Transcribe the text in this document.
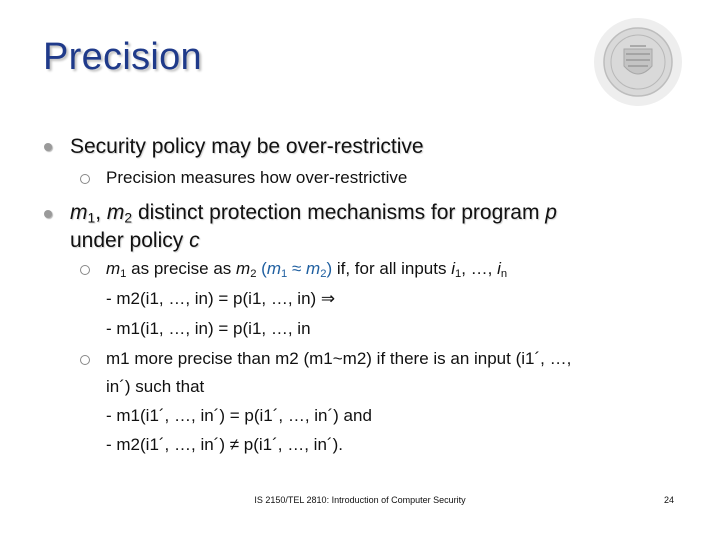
Precision
Security policy may be over-restrictive
Precision measures how over-restrictive
$m_1$, $m_2$ distinct protection mechanisms for program p
under policy c
$m_1$ as precise as $m_2$ $(m_1 \approx m_2)$ if, for all inputs $i_1$, …, $i_n$
- m2(i1, …, in) = p(i1, …, in) ⇒
- m1(i1, …, in) = p(i1, …, in
m1 more precise than m2 (m1~m2) if there is an input (i1´, …,
in´) such that
- m1(i1´, …, in´) = p(i1´, …, in´) and
- m2(i1´, …, in´) ≠ p(i1´, …, in´).
IS 2150/TEL 2810: Introduction of Computer Security	24
